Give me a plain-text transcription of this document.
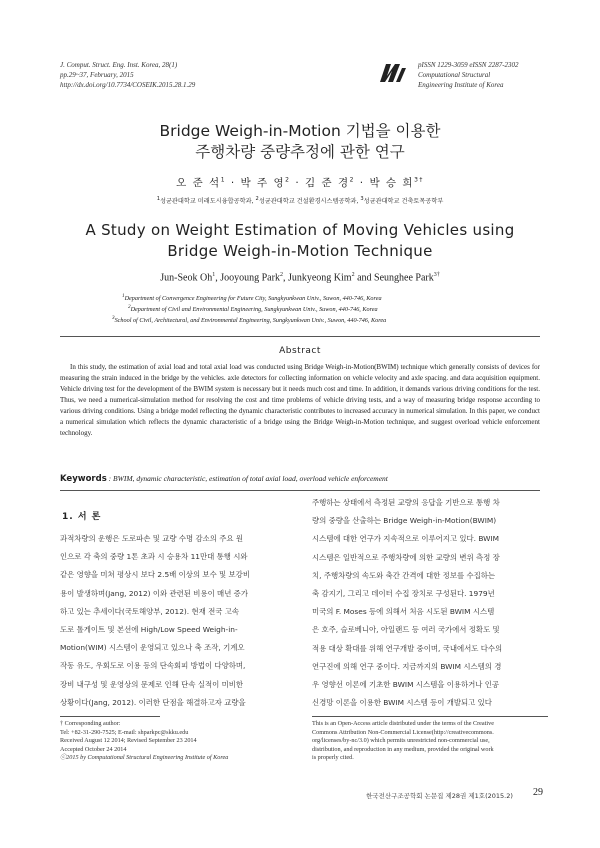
J. Comput. Struct. Eng. Inst. Korea, 28(1)
pp.29~37, February, 2015
http://dx.doi.org/10.7734/COSEIK.2015.28.1.29
pISSN 1229-3059 eISSN 2287-2302
Computational Structural
Engineering Institute of Korea
Bridge Weigh-in-Motion 기법을 이용한
주행차량 중량추정에 관한 연구
오 준 석$^1$ · 박 주 영$^2$ · 김 준 경$^2$ · 박 승 희$^{3\dagger}$
$^1$성균관대학교 미래도시융합공학과, $^2$성균관대학교 건설환경시스템공학과, $^3$성균관대학교 건축토목공학부
A Study on Weight Estimation of Moving Vehicles using
Bridge Weigh-in-Motion Technique
Jun-Seok Oh$^1$, Jooyoung Park$^2$, Junkyeong Kim$^2$ and Seunghee Park$^{3\dagger}$
$^1$Department of Convergence Engineering for Future City, Sungkyunkwan Univ., Suwon, 440-746, Korea
$^2$Department of Civil and Environmental Engineering, Sungkyunkwan Univ., Suwon, 440-746, Korea
$^3$School of Civil, Architectural, and Environmental Engineering, Sungkyunkwan Univ., Suwon, 440-746, Korea
Abstract
In this study, the estimation of axial load and total axial load was conducted using Bridge Weigh-in-Motion(BWIM) technique which generally consists of devices for measuring the strain induced in the bridge by the vehicles. axle detectors for collecting information on vehicle velocity and axle spacing. and data acquisition equipment. Vehicle driving test for the development of the BWIM system is necessary but it needs much cost and time. In addition, it demands various driving conditions for the test. Thus, we need a numerical-simulation method for resolving the cost and time problems of vehicle driving tests, and a way of measuring bridge response according to various driving conditions. Using a bridge model reflecting the dynamic characteristic contributes to increased accuracy in numerical simulation. In this paper, we conduct a numerical simulation which reflects the dynamic characteristic of a bridge using the Bridge Weigh-in-Motion technique, and suggest overload vehicle enforcement technology.
Keywords : BWIM, dynamic characteristic, estimation of total axial load, overload vehicle enforcement
1. 서 론
과적차량의 운행은 도로파손 및 교량 수명 감소의 주요 원
인으로 각 축의 중량 1톤 초과 시 승용차 11만대 통행 시와
같은 영향을 미쳐 평상시 보다 2.5배 이상의 보수 및 보강비
용이 발생하며(Jang, 2012) 이와 관련된 비용이 매년 증가
하고 있는 추세이다(국토해양부, 2012). 현재 전국 고속
도로 톨게이트 및 본선에 High/Low Speed Weigh-in-
Motion(WIM) 시스템이 운영되고 있으나 축 조작, 기계오
작동 유도, 우회도로 이용 등의 단속회피 방법이 다양하며,
장비 내구성 및 운영상의 문제로 인해 단속 실적이 미비한
상황이다(Jang, 2012). 이러한 단점을 해결하고자 교량을
주행하는 상태에서 측정된 교량의 응답을 기반으로 통행 차
량의 중량을 산출하는 Bridge Weigh-in-Motion(BWIM)
시스템에 대한 연구가 지속적으로 이루어지고 있다. BWIM
시스템은 일반적으로 주행차량에 의한 교량의 변위 측정 장
치, 주행차량의 속도와 축간 간격에 대한 정보를 수집하는
축 감지기, 그리고 데이터 수집 장치로 구성된다. 1979년
미국의 F. Moses 등에 의해서 처음 시도된 BWIM 시스템
은 호주, 슬로베니아, 아일랜드 등 여러 국가에서 정확도 및
적용 대상 확대를 위해 연구개발 중이며, 국내에서도 다수의
연구진에 의해 연구 중이다. 지금까지의 BWIM 시스템의 경
우 영향선 이론에 기초한 BWIM 시스템을 이용하거나 인공
신경망 이론을 이용한 BWIM 시스템 등이 개발되고 있다
† Corresponding author:
Tel: +82-31-290-7525; E-mail: shparkpc@skku.edu
Received August 12 2014; Revised September 23 2014
Accepted October 24 2014
ⓒ2015 by Computational Structural Engineering Institute of Korea
This is an Open-Access article distributed under the terms of the Creative
Commons Attribution Non-Commercial License(http://creativecommons.
org/licenses/by-nc/3.0) which permits unrestricted non-commercial use,
distribution, and reproduction in any medium, provided the original work
is properly cited.
한국전산구조공학회 논문집 제28권 제1호(2015.2) 29
